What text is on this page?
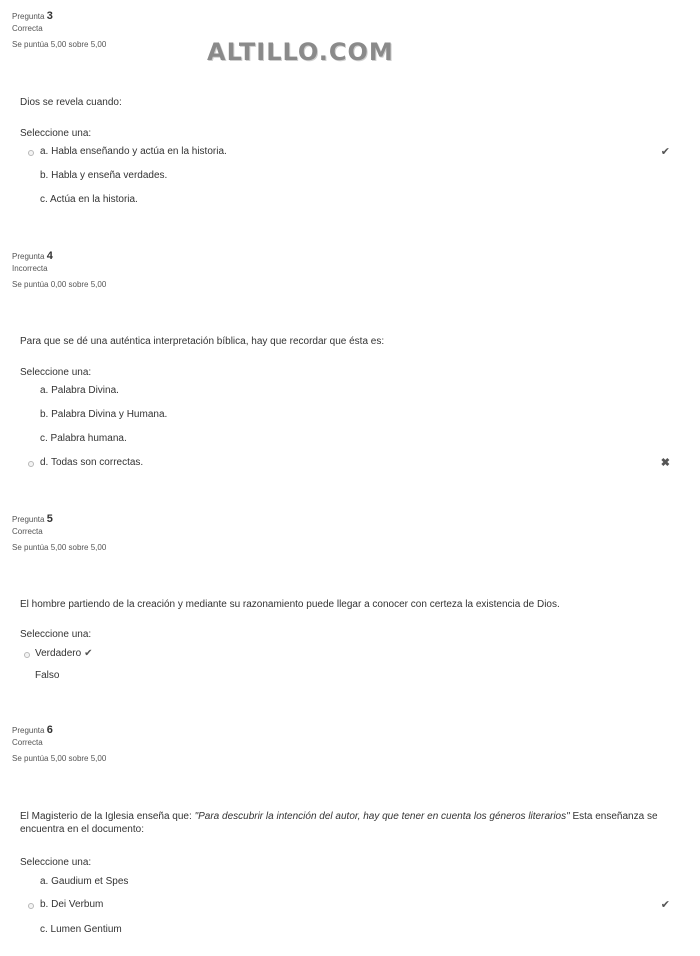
ALTILLO.COM
Pregunta 3
Correcta
Se puntúa 5,00 sobre 5,00
Dios se revela cuando:
Seleccione una:
a. Habla enseñando y actúa en la historia.	✔
b. Habla y enseña verdades.
c. Actúa en la historia.
Pregunta 4
Incorrecta
Se puntúa 0,00 sobre 5,00
Para que se dé una auténtica interpretación bíblica, hay que recordar que ésta es:
Seleccione una:
a. Palabra Divina.
b. Palabra Divina y Humana.
c. Palabra humana.
d. Todas son correctas.	✖
Pregunta 5
Correcta
Se puntúa 5,00 sobre 5,00
El hombre partiendo de la creación y mediante su razonamiento puede llegar a conocer con certeza la existencia de Dios.
Seleccione una:
Verdadero ✔
Falso
Pregunta 6
Correcta
Se puntúa 5,00 sobre 5,00
El Magisterio de la Iglesia enseña que: "Para descubrir la intención del autor, hay que tener en cuenta los géneros literarios" Esta enseñanza se encuentra en el documento:
Seleccione una:
a. Gaudium et Spes
b. Dei Verbum	✔
c. Lumen Gentium
